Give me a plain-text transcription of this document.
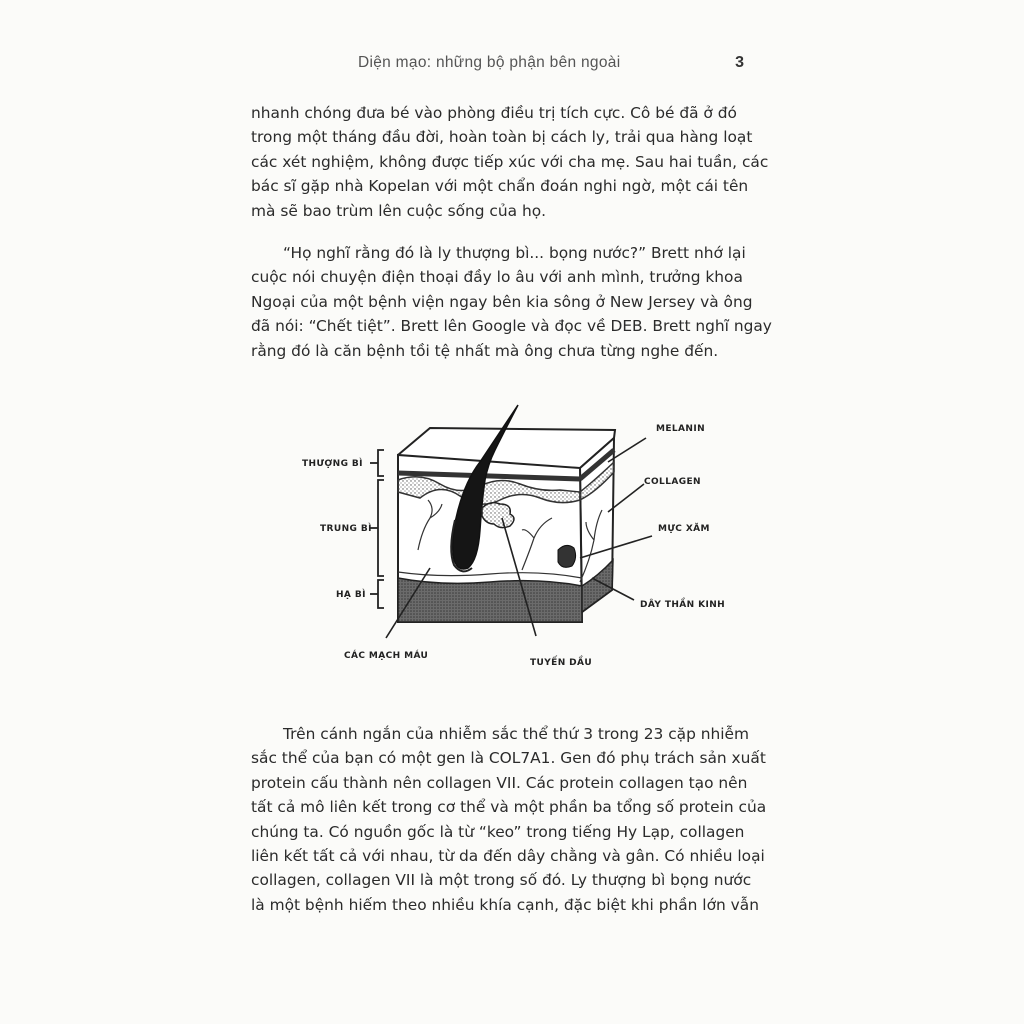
Diện mạo: những bộ phận bên ngoài	3

nhanh chóng đưa bé vào phòng điều trị tích cực. Cô bé đã ở đó
trong một tháng đầu đời, hoàn toàn bị cách ly, trải qua hàng loạt
các xét nghiệm, không được tiếp xúc với cha mẹ. Sau hai tuần, các
bác sĩ gặp nhà Kopelan với một chẩn đoán nghi ngờ, một cái tên
mà sẽ bao trùm lên cuộc sống của họ.

“Họ nghĩ rằng đó là ly thượng bì... bọng nước?” Brett nhớ lại
cuộc nói chuyện điện thoại đầy lo âu với anh mình, trưởng khoa
Ngoại của một bệnh viện ngay bên kia sông ở New Jersey và ông
đã nói: “Chết tiệt”. Brett lên Google và đọc về DEB. Brett nghĩ ngay
rằng đó là căn bệnh tồi tệ nhất mà ông chưa từng nghe đến.

THƯỢNG BÌ
TRUNG BÌ
HẠ BÌ
MELANIN
COLLAGEN
MỰC XĂM
DÂY THẦN KINH
CÁC MẠCH MÁU
TUYẾN DẦU

Trên cánh ngắn của nhiễm sắc thể thứ 3 trong 23 cặp nhiễm
sắc thể của bạn có một gen là COL7A1. Gen đó phụ trách sản xuất
protein cấu thành nên collagen VII. Các protein collagen tạo nên
tất cả mô liên kết trong cơ thể và một phần ba tổng số protein của
chúng ta. Có nguồn gốc là từ “keo” trong tiếng Hy Lạp, collagen
liên kết tất cả với nhau, từ da đến dây chằng và gân. Có nhiều loại
collagen, collagen VII là một trong số đó. Ly thượng bì bọng nước
là một bệnh hiếm theo nhiều khía cạnh, đặc biệt khi phần lớn vẫn
